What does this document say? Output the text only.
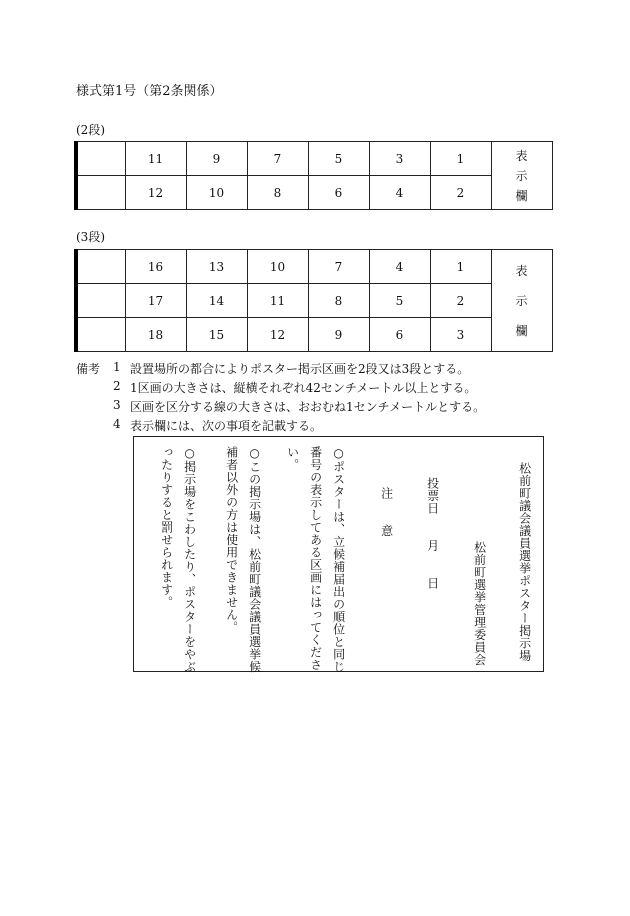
様式第1号（第2条関係）
(2段)
	11	9	7	5	3	1	表
示
欄

	12	10	8	6	4	2	
(3段)
	16	13	10	7	4	1	表
示
欄

	17	14	11	8	5	2	
	18	15	12	9	6	3	
備考 1 設置場所の都合によりポスター掲示区画を2段又は3段とする。
2 1区画の大きさは、縦横それぞれ42センチメートル以上とする。
3 区画を区分する線の大きさは、おおむね1センチメートルとする。
4 表示欄には、次の事項を記載する。
松前町議会議員選挙ポスター掲示場
松前町選挙管理委員会
投票日　　月　　日
注　　意
○ポスターは、立候補届出の順位と同じ
番号の表示してある区画にはってくださ
い。
○この掲示場は、松前町議会議員選挙候
補者以外の方は使用できません。
○掲示場をこわしたり、ポスターをやぶ
ったりすると罰せられます。
